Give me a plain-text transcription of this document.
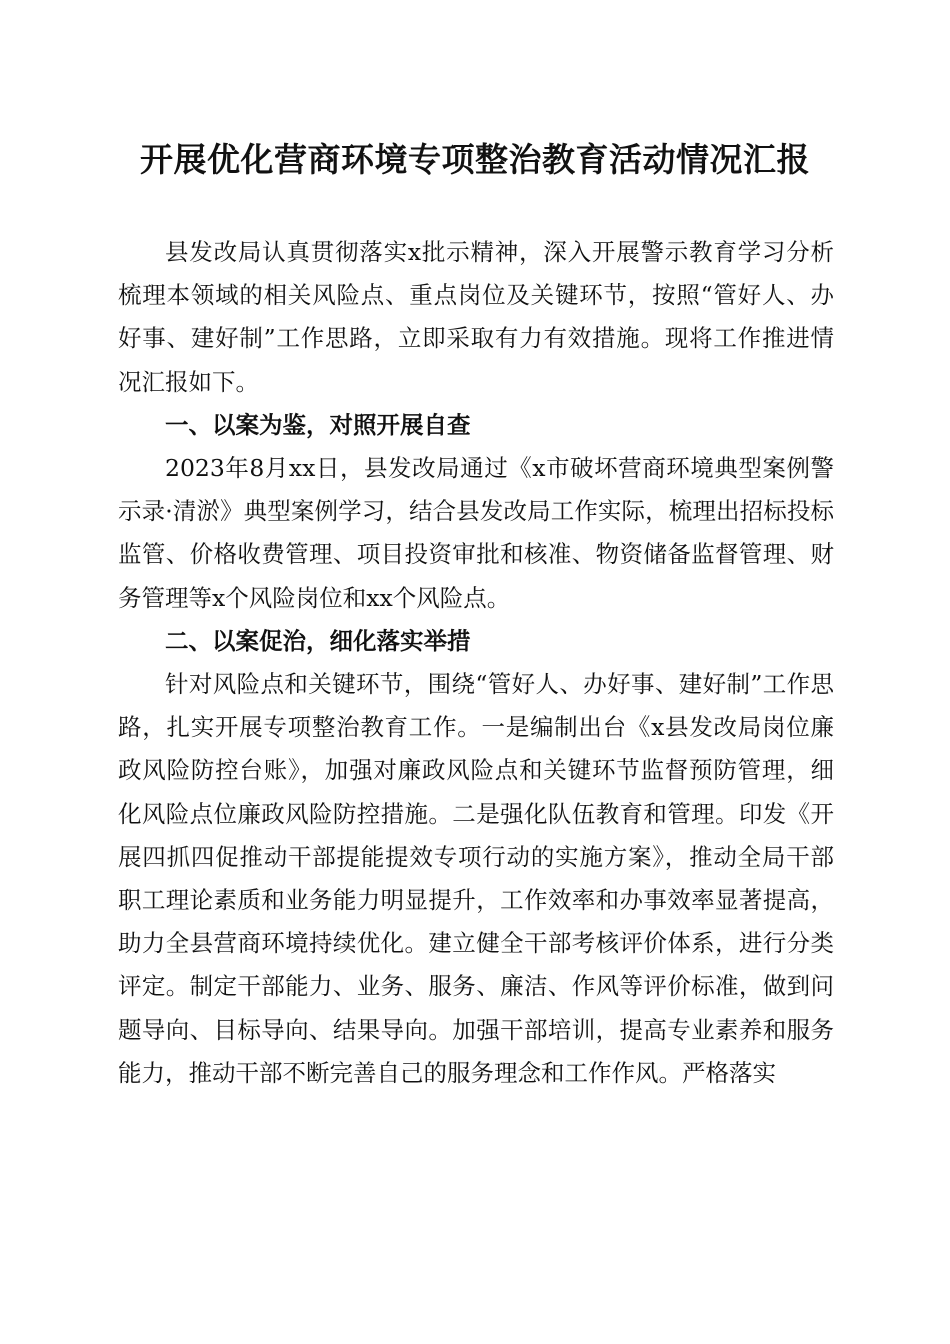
开展优化营商环境专项整治教育活动情况汇报

县发改局认真贯彻落实x批示精神，深入开展警示教育学习分析梳理本领域的相关风险点、重点岗位及关键环节，按照“管好人、办好事、建好制”工作思路，立即采取有力有效措施。现将工作推进情况汇报如下。

一、以案为鉴，对照开展自查

2023年8月xx日，县发改局通过《x市破坏营商环境典型案例警示录·清淤》典型案例学习，结合县发改局工作实际，梳理出招标投标监管、价格收费管理、项目投资审批和核准、物资储备监督管理、财务管理等x个风险岗位和xx个风险点。

二、以案促治，细化落实举措

针对风险点和关键环节，围绕“管好人、办好事、建好制”工作思路，扎实开展专项整治教育工作。一是编制出台《x县发改局岗位廉政风险防控台账》，加强对廉政风险点和关键环节监督预防管理，细化风险点位廉政风险防控措施。二是强化队伍教育和管理。印发《开展四抓四促推动干部提能提效专项行动的实施方案》，推动全局干部职工理论素质和业务能力明显提升，工作效率和办事效率显著提高，助力全县营商环境持续优化。建立健全干部考核评价体系，进行分类评定。制定干部能力、业务、服务、廉洁、作风等评价标准，做到问题导向、目标导向、结果导向。加强干部培训，提高专业素养和服务能力，推动干部不断完善自己的服务理念和工作作风。严格落实
